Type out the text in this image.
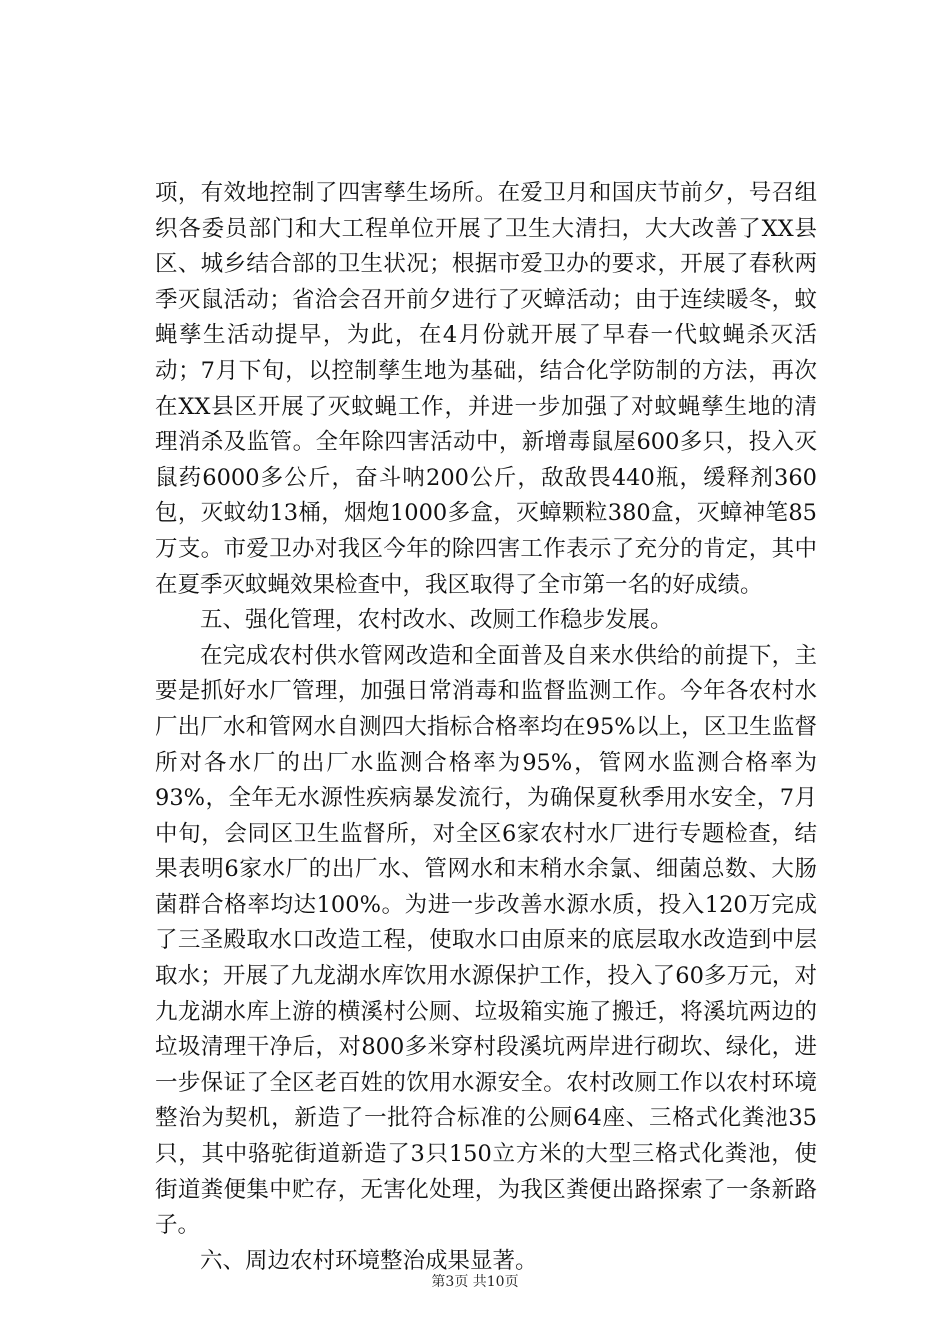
项，有效地控制了四害孳生场所。在爱卫月和国庆节前夕，号召组织各委员部门和大工程单位开展了卫生大清扫，大大改善了XX县区、城乡结合部的卫生状况；根据市爱卫办的要求，开展了春秋两季灭鼠活动；省洽会召开前夕进行了灭蟑活动；由于连续暖冬，蚊蝇孳生活动提早，为此，在4月份就开展了早春一代蚊蝇杀灭活动；7月下旬，以控制孳生地为基础，结合化学防制的方法，再次在XX县区开展了灭蚊蝇工作，并进一步加强了对蚊蝇孳生地的清理消杀及监管。全年除四害活动中，新增毒鼠屋600多只，投入灭鼠药6000多公斤，奋斗呐200公斤，敌敌畏440瓶，缓释剂360包，灭蚊幼13桶，烟炮1000多盒，灭蟑颗粒380盒，灭蟑神笔85万支。市爱卫办对我区今年的除四害工作表示了充分的肯定，其中在夏季灭蚊蝇效果检查中，我区取得了全市第一名的好成绩。

五、强化管理，农村改水、改厕工作稳步发展。

在完成农村供水管网改造和全面普及自来水供给的前提下，主要是抓好水厂管理，加强日常消毒和监督监测工作。今年各农村水厂出厂水和管网水自测四大指标合格率均在95%以上，区卫生监督所对各水厂的出厂水监测合格率为95%，管网水监测合格率为93%，全年无水源性疾病暴发流行，为确保夏秋季用水安全，7月中旬，会同区卫生监督所，对全区6家农村水厂进行专题检查，结果表明6家水厂的出厂水、管网水和末稍水余氯、细菌总数、大肠菌群合格率均达100%。为进一步改善水源水质，投入120万完成了三圣殿取水口改造工程，使取水口由原来的底层取水改造到中层取水；开展了九龙湖水库饮用水源保护工作，投入了60多万元，对九龙湖水库上游的横溪村公厕、垃圾箱实施了搬迁，将溪坑两边的垃圾清理干净后，对800多米穿村段溪坑两岸进行砌坎、绿化，进一步保证了全区老百姓的饮用水源安全。农村改厕工作以农村环境整治为契机，新造了一批符合标准的公厕64座、三格式化粪池35只，其中骆驼街道新造了3只150立方米的大型三格式化粪池，使街道粪便集中贮存，无害化处理，为我区粪便出路探索了一条新路子。

六、周边农村环境整治成果显著。

第3页 共10页
